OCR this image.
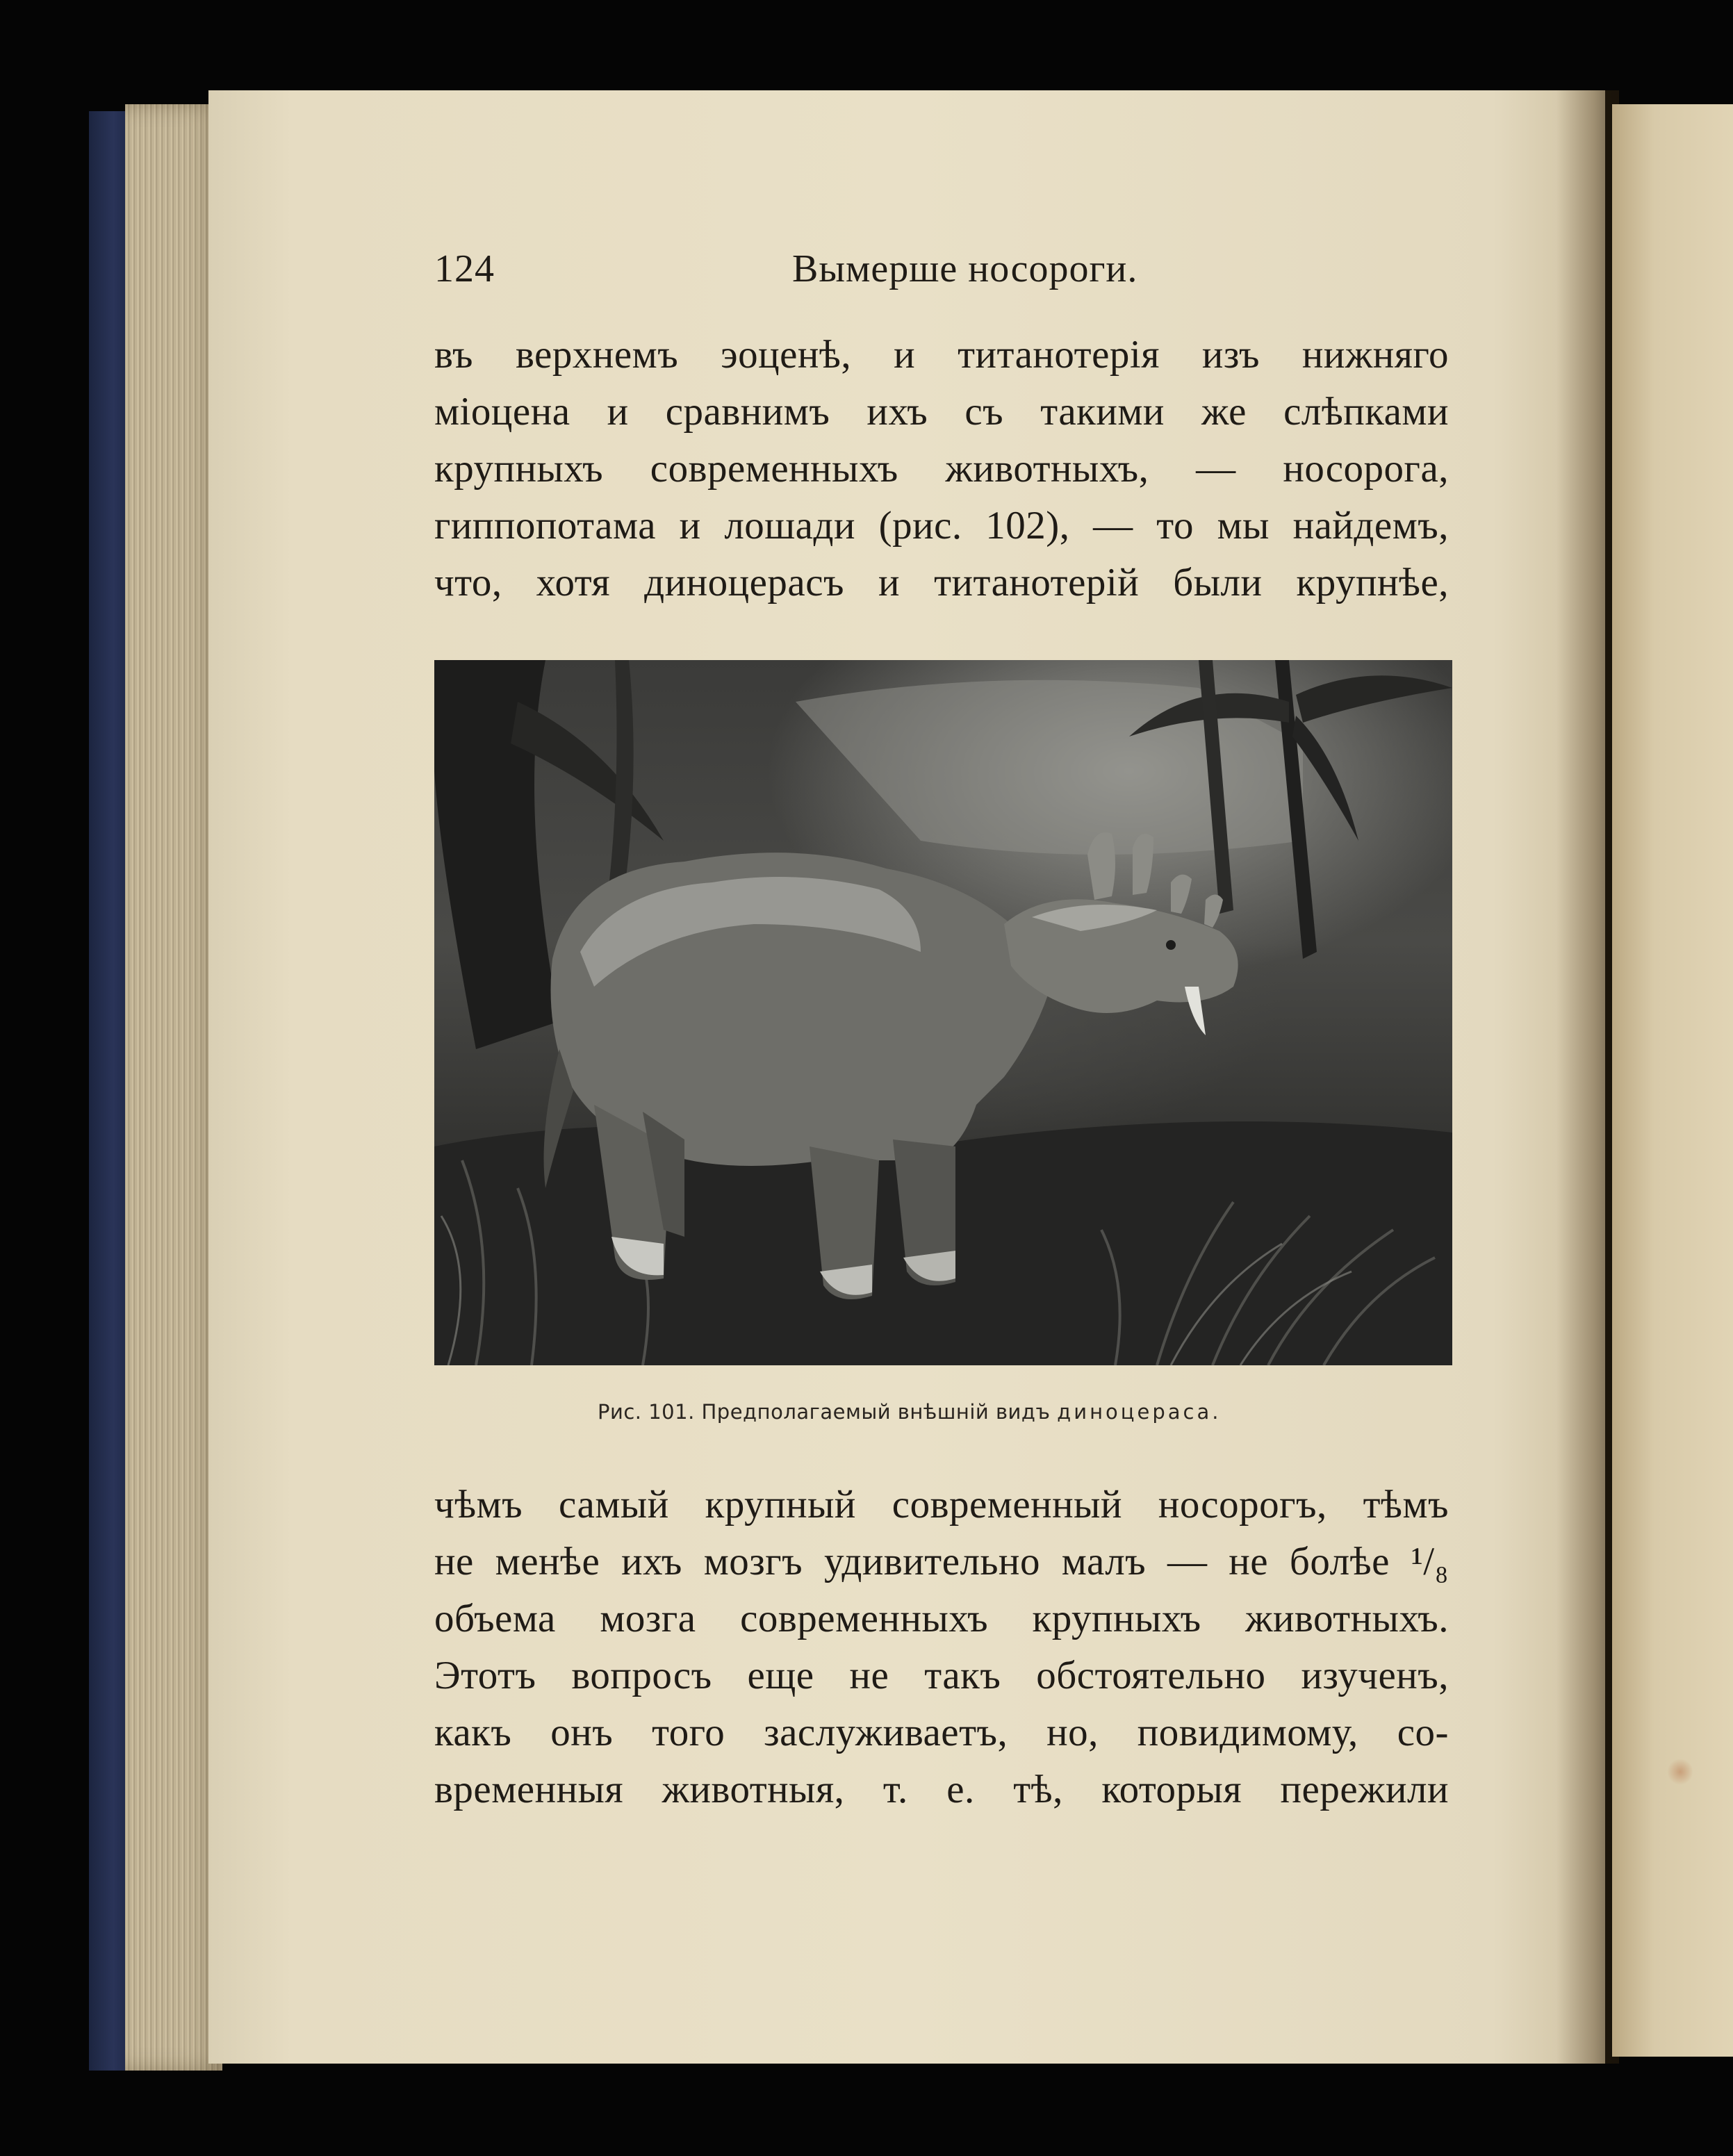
124	Вымерше носороги.
въ верхнемъ эоценѣ, и титанотерія изъ нижняго
міоцена и сравнимъ ихъ съ такими же слѣпками
крупныхъ современныхъ животныхъ, — носорога,
гиппопотама и лошади (рис. 102), — то мы найдемъ,
что, хотя диноцерасъ и титанотерій были крупнѣе,
Рис. 101. Предполагаемый внѣшній видъ диноцераса.
чѣмъ самый крупный современный носорогъ, тѣмъ
не менѣе ихъ мозгъ удивительно малъ — не болѣе ¹/₈
объема мозга современныхъ крупныхъ животныхъ.
Этотъ вопросъ еще не такъ обстоятельно изученъ,
какъ онъ того заслуживаетъ, но, повидимому, со-
временныя животныя, т. е. тѣ, которыя пережили
